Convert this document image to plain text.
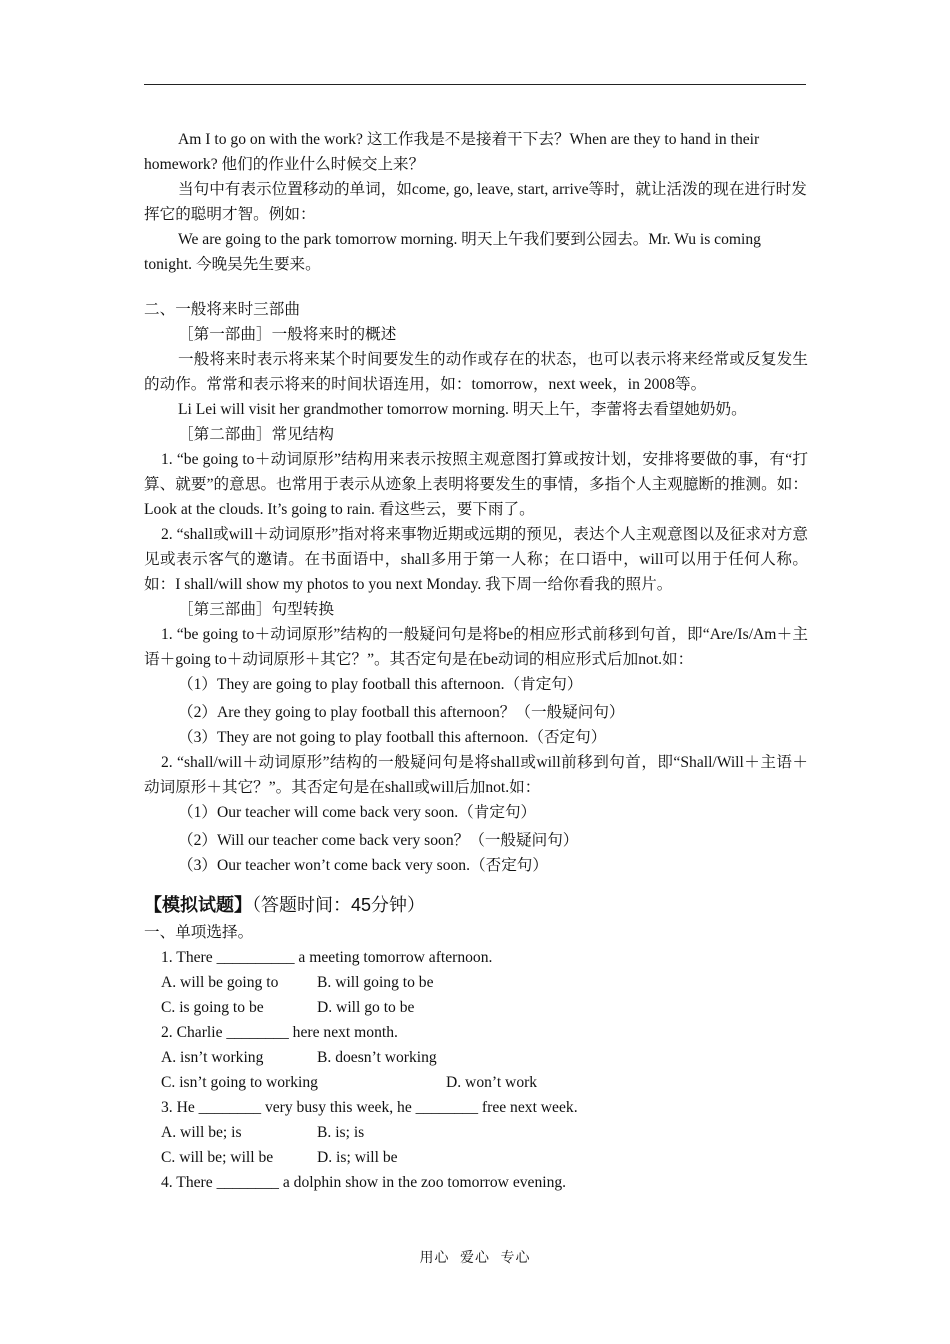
Am I to go on with the work? 这工作我是不是接着干下去？When are they to hand in their homework? 他们的作业什么时候交上来？

当句中有表示位置移动的单词，如come, go, leave, start, arrive等时，就让活泼的现在进行时发挥它的聪明才智。例如：

We are going to the park tomorrow morning. 明天上午我们要到公园去。Mr. Wu is coming tonight. 今晚吴先生要来。

二、一般将来时三部曲

［第一部曲］一般将来时的概述

一般将来时表示将来某个时间要发生的动作或存在的状态，也可以表示将来经常或反复发生的动作。常常和表示将来的时间状语连用，如：tomorrow，next week，in 2008等。

Li Lei will visit her grandmother tomorrow morning. 明天上午，李蕾将去看望她奶奶。

［第二部曲］常见结构

1. “be going to＋动词原形”结构用来表示按照主观意图打算或按计划，安排将要做的事，有“打算、就要”的意思。也常用于表示从迹象上表明将要发生的事情，多指个人主观臆断的推测。如：Look at the clouds. It’s going to rain. 看这些云，要下雨了。

2. “shall或will＋动词原形”指对将来事物近期或远期的预见，表达个人主观意图以及征求对方意见或表示客气的邀请。在书面语中，shall多用于第一人称；在口语中，will可以用于任何人称。如：I shall/will show my photos to you next Monday. 我下周一给你看我的照片。

［第三部曲］句型转换

1. “be going to＋动词原形”结构的一般疑问句是将be的相应形式前移到句首，即“Are/Is/Am＋主语＋going to＋动词原形＋其它？”。其否定句是在be动词的相应形式后加not.如：

（1）They are going to play football this afternoon.（肯定句）

（2）Are they going to play football this afternoon？（一般疑问句）

（3）They are not going to play football this afternoon.（否定句）

2. “shall/will＋动词原形”结构的一般疑问句是将shall或will前移到句首，即“Shall/Will＋主语＋动词原形＋其它？”。其否定句是在shall或will后加not.如：

（1）Our teacher will come back very soon.（肯定句）

（2）Will our teacher come back very soon？（一般疑问句）

（3）Our teacher won’t come back very soon.（否定句）

【模拟试题】（答题时间：45分钟）

一、单项选择。

1. There __________ a meeting tomorrow afternoon.

A. will be going to	B. will going to be
C. is going to be	D. will go to be

2. Charlie ________ here next month.

A. isn’t working	B. doesn’t working
C. isn’t going to working	D. won’t work

3. He ________ very busy this week, he ________ free next week.

A. will be; is	B. is; is
C. will be; will be	D. is; will be

4. There ________ a dolphin show in the zoo tomorrow evening.

用心 爱心 专心
